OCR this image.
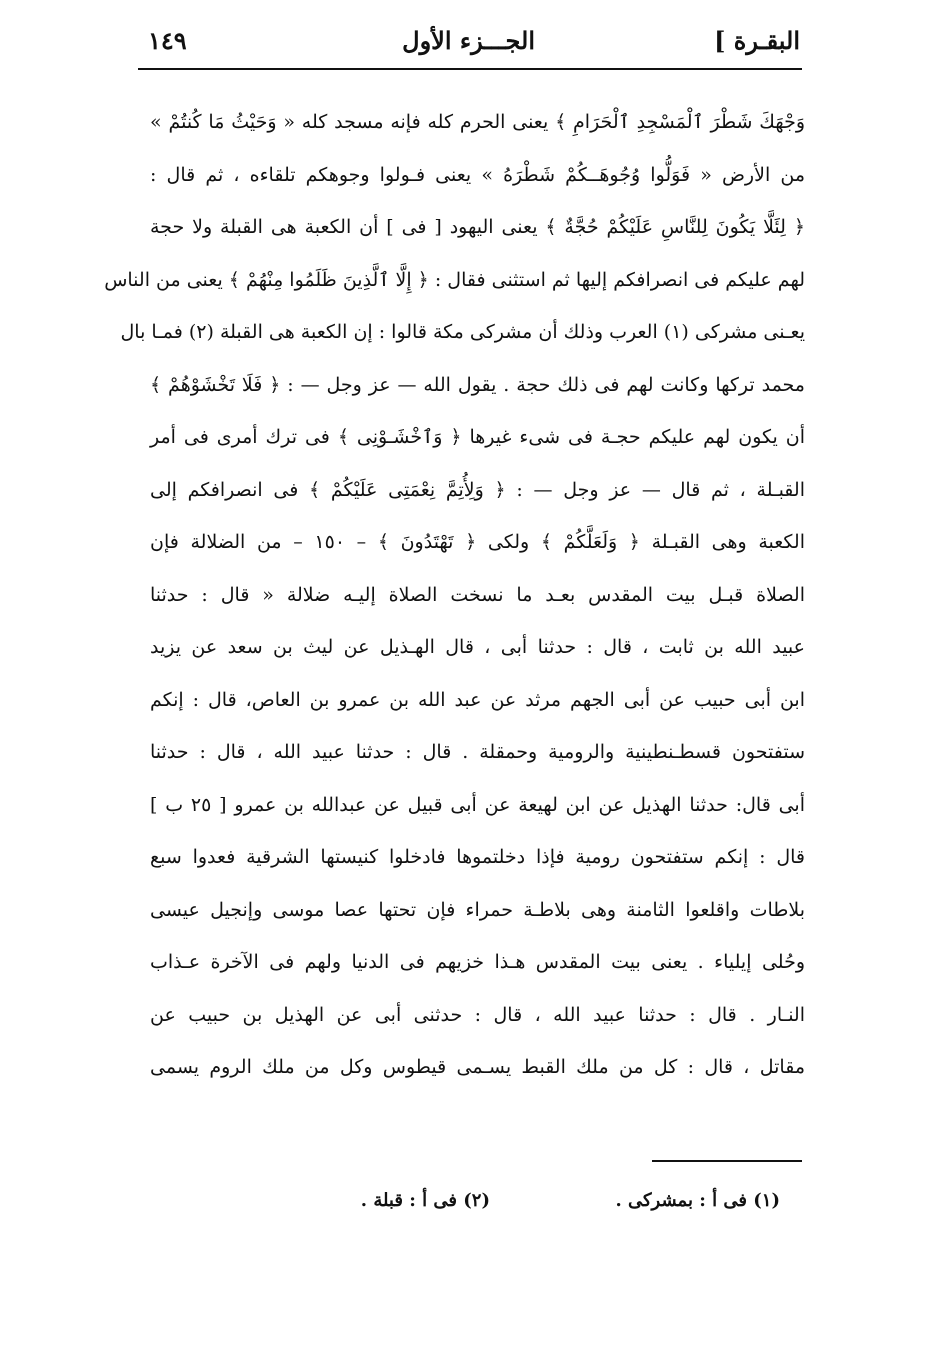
البقـرة ]
الجـــزء الأول
١٤٩
وَجْهَكَ شَطْرَ ٱلْمَسْجِدِ ٱلْحَرَامِ ﴾ يعنى الحرم كله فإنه مسجد كله « وَحَيْثُ مَا كُنتُمْ »
من الأرض « فَوَلُّوا وُجُوهَــكُمْ شَطْرَهُ » يعنى فـولوا وجوهكم تلقاءه ، ثم قال :
﴿ لِئَلَّا يَكُونَ لِلنَّاسِ عَلَيْكُمْ حُجَّةٌ ﴾ يعنى اليهود [ فى ] أن الكعبة هى القبلة ولا حجة
لهم عليكم فى انصرافكم إليها ثم استثنى فقال : ﴿ إِلَّا ٱلَّذِينَ ظَلَمُوا مِنْهُمْ ﴾ يعنى من الناس
يعـنى مشركى (١) العرب وذلك أن مشركى مكة قالوا : إن الكعبة هى القبلة (٢) فمـا بال
محمد تركها وكانت لهم فى ذلك حجة . يقول الله — عز وجل — : ﴿ فَلَا تَخْشَوْهُمْ ﴾
أن يكون لهم عليكم حجـة فى شىء غيرها ﴿ وَٱخْشَـوْنِى ﴾ فى ترك أمرى فى أمر
القبـلة ، ثم قال — عز وجل — : ﴿ وَلِأُتِمَّ نِعْمَتِى عَلَيْكُمْ ﴾ فى انصرافكم إلى
الكعبة وهى القبـلة ﴿ وَلَعَلَّكُمْ ﴾ ولكى ﴿ تَهْتَدُونَ ﴾ – ١٥٠ – من الضلالة فإن
الصلاة قبـل بيت المقدس بعـد ما نسخت الصلاة إليـه ضلالة « قال : حدثنا
عبيد الله بن ثابت ، قال : حدثنا أبى ، قال الهـذيل عن ليث بن سعد عن يزيد
ابن أبى حبيب عن أبى الجهم مرثد عن عبد الله بن عمرو بن العاص، قال : إنكم
ستفتحون قسطـنطينية والرومية وحمقلة . قال : حدثنا عبيد الله ، قال : حدثنا
أبى قال: حدثنا الهذيل عن ابن لهيعة عن أبى قبيل عن عبدالله بن عمرو [ ٢٥ ب ]
قال : إنكم ستفتحون رومية فإذا دخلتموها فادخلوا كنيستها الشرقية فعدوا سبع
بلاطات واقلعوا الثامنة وهى بلاطـة حمراء فإن تحتها عصا موسى وإنجيل عيسى
وحُلى إيلياء . يعنى بيت المقدس هـذا خزيهم فى الدنيا ولهم فى الآخرة عـذاب
النـار . قال : حدثنا عبيد الله ، قال : حدثنى أبى عن الهذيل بن حبيب عن
مقاتل ، قال : كل من ملك القبط يسـمى قيطوس وكل من ملك الروم يسمى
(١) فى أ : بمشركى .
(٢) فى أ : قبلة .
